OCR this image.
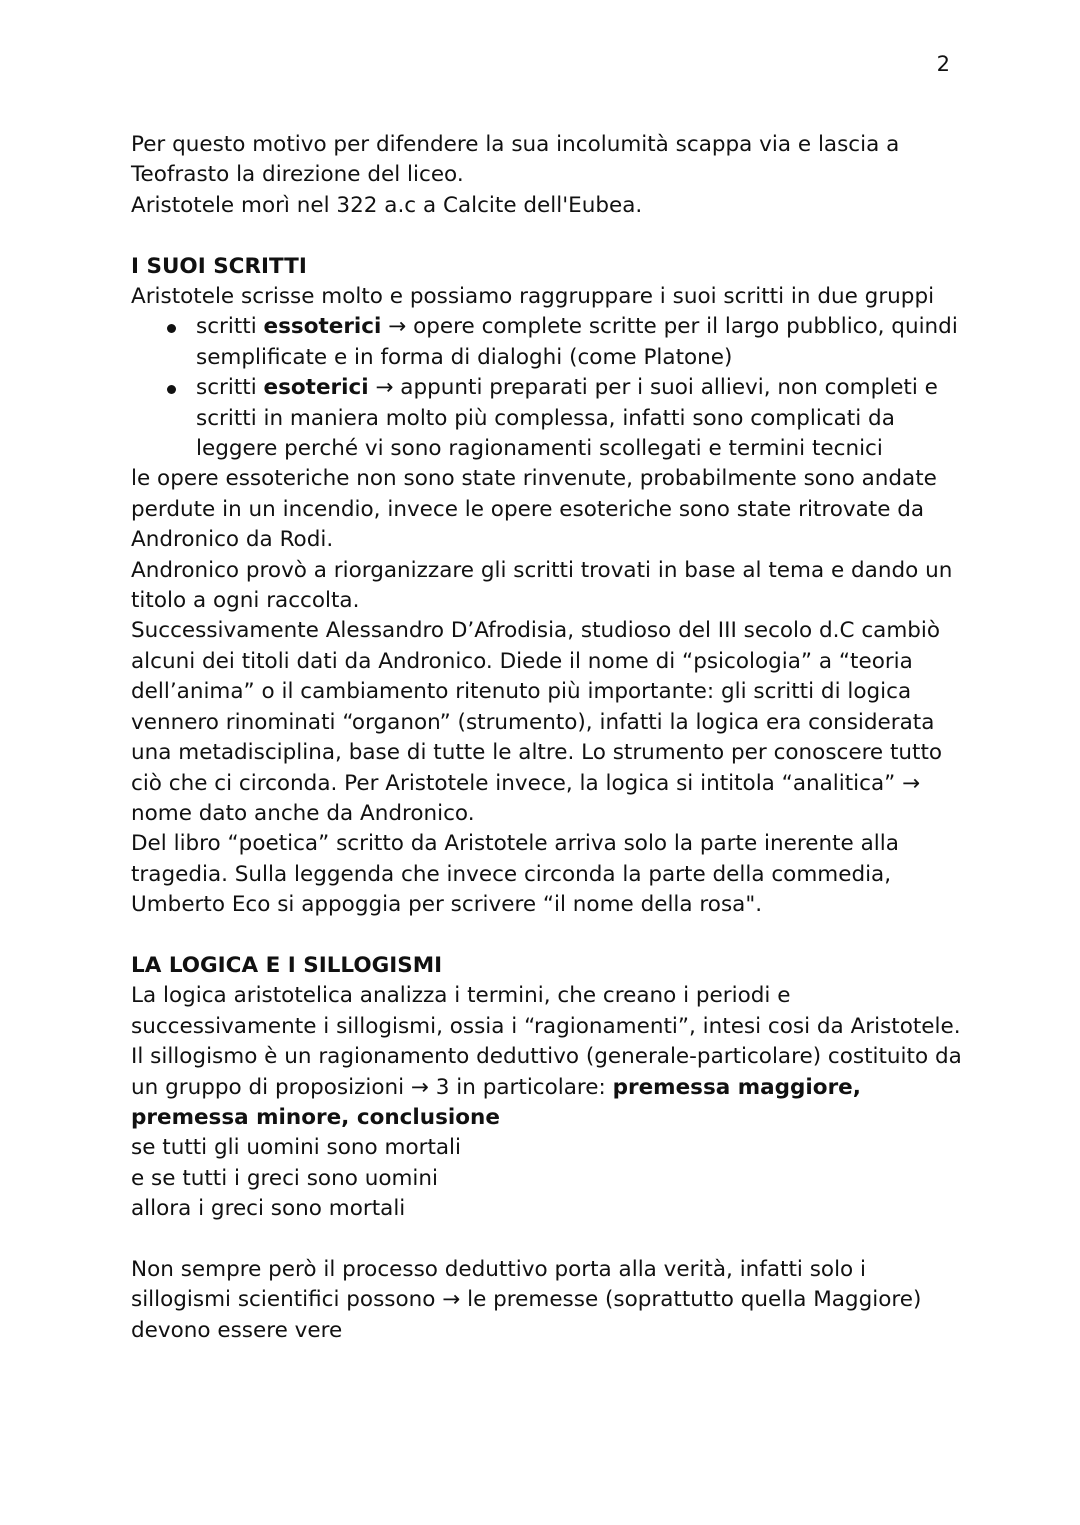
2

Per questo motivo per difendere la sua incolumità scappa via e lascia a Teofrasto la direzione del liceo.

Aristotele morì nel 322 a.c a Calcite dell'Eubea.

I SUOI SCRITTI

Aristotele scrisse molto e possiamo raggruppare i suoi scritti in due gruppi

scritti essoterici → opere complete scritte per il largo pubblico, quindi semplificate e in forma di dialoghi (come Platone)
scritti esoterici → appunti preparati per i suoi allievi, non completi e scritti in maniera molto più complessa, infatti sono complicati da leggere perché vi sono ragionamenti scollegati e termini tecnici

le opere essoteriche non sono state rinvenute, probabilmente sono andate perdute in un incendio, invece le opere esoteriche sono state ritrovate da Andronico da Rodi.

Andronico provò a riorganizzare gli scritti trovati in base al tema e dando un titolo a ogni raccolta.

Successivamente Alessandro D’Afrodisia, studioso del III secolo d.C cambiò alcuni dei titoli dati da Andronico. Diede il nome di “psicologia” a “teoria dell’anima” o il cambiamento ritenuto più importante: gli scritti di logica vennero rinominati “organon” (strumento), infatti la logica era considerata una metadisciplina, base di tutte le altre. Lo strumento per conoscere tutto ciò che ci circonda. Per Aristotele invece, la logica si intitola “analitica” → nome dato anche da Andronico.

Del libro “poetica” scritto da Aristotele arriva solo la parte inerente alla tragedia. Sulla leggenda che invece circonda la parte della commedia, Umberto Eco si appoggia per scrivere “il nome della rosa".

LA LOGICA E I SILLOGISMI

La logica aristotelica analizza i termini, che creano i periodi e successivamente i sillogismi, ossia i “ragionamenti”, intesi cosi da Aristotele.

Il sillogismo è un ragionamento deduttivo (generale-particolare) costituito da un gruppo di proposizioni → 3 in particolare: premessa maggiore, premessa minore, conclusione

se tutti gli uomini sono mortali

e se tutti i greci sono uomini

allora i greci sono mortali

Non sempre però il processo deduttivo porta alla verità, infatti solo i sillogismi scientifici possono → le premesse (soprattutto quella Maggiore) devono essere vere
